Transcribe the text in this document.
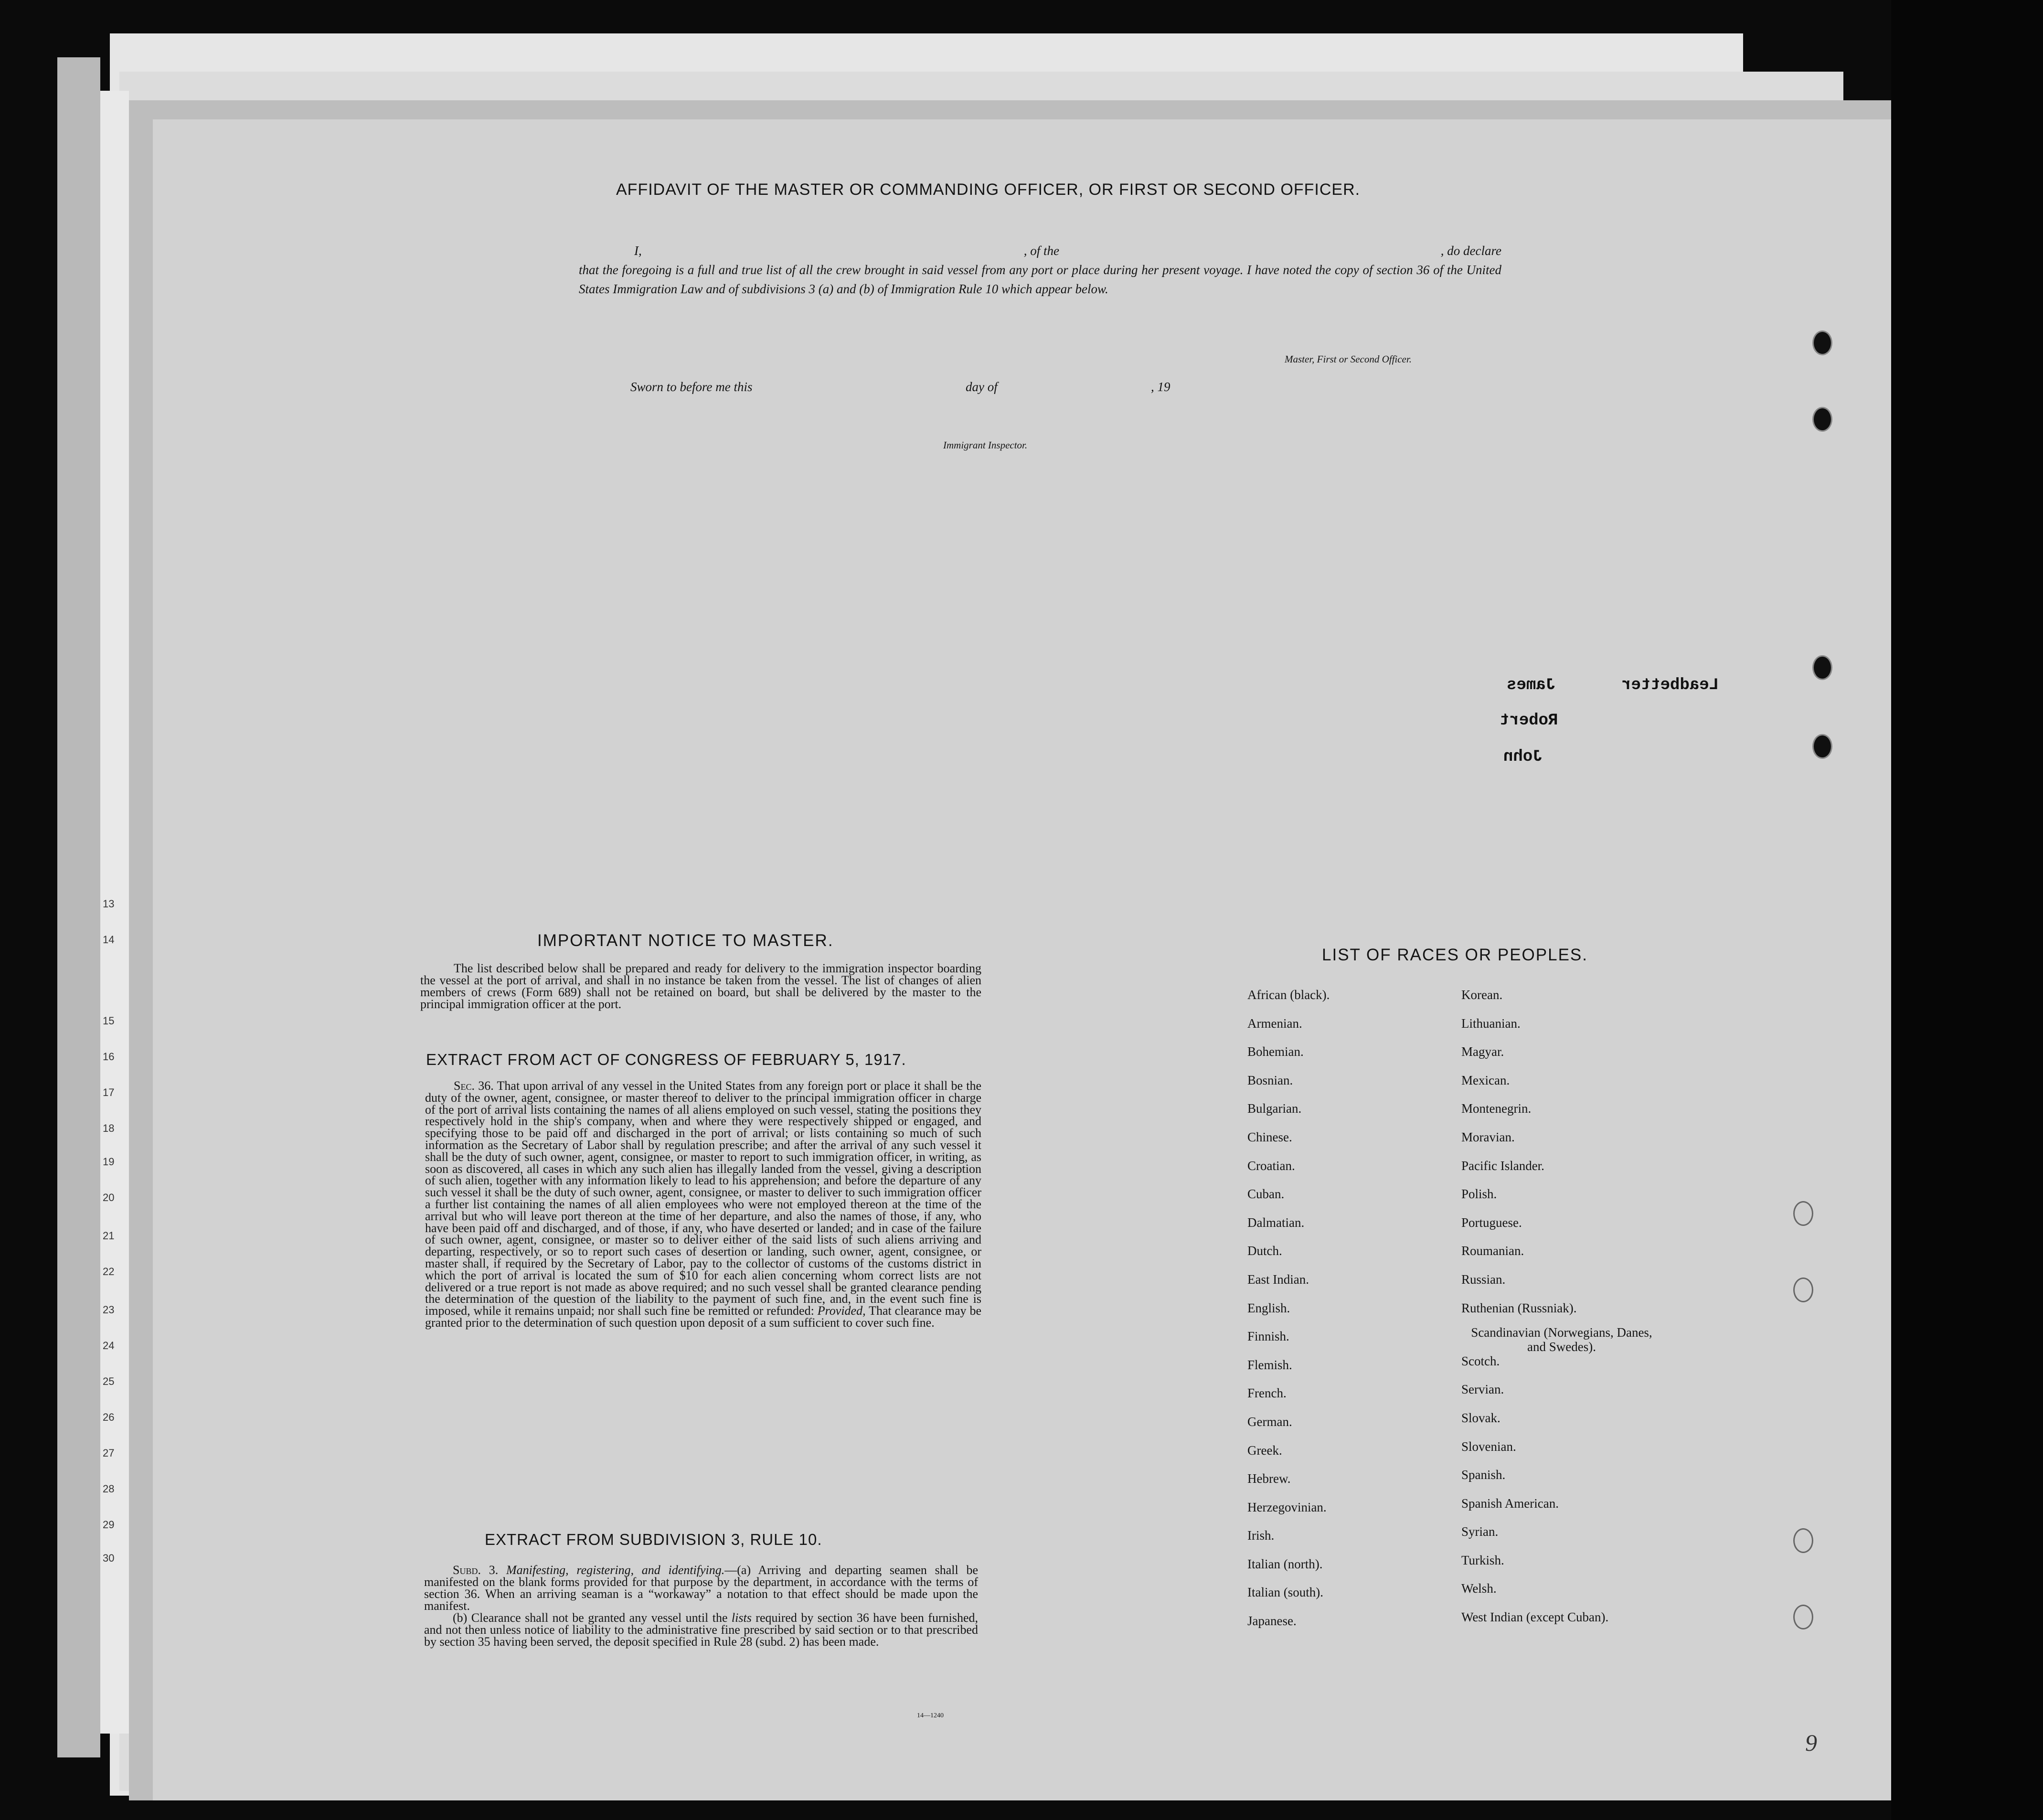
13
14
15
16
17
18
19
20
21
22
23
24
25
26
27
28
29
30
AFFIDAVIT OF THE MASTER OR COMMANDING OFFICER, OR FIRST OR SECOND OFFICER.
I,	, of the	, do declare
that the foregoing is a full and true list of all the crew brought in said vessel from any port or place during her present voyage. I have noted the copy of section 36 of the United States Immigration Law and of subdivisions 3 (a) and (b) of Immigration Rule 10 which appear below.
Master, First or Second Officer.
Sworn to before me this	day of	, 19
Immigrant Inspector.
Leadbetter
James
Robert
John
IMPORTANT NOTICE TO MASTER.
The list described below shall be prepared and ready for delivery to the immigration inspector boarding the vessel at the port of arrival, and shall in no instance be taken from the vessel. The list of changes of alien members of crews (Form 689) shall not be retained on board, but shall be delivered by the master to the principal immigration officer at the port.
EXTRACT FROM ACT OF CONGRESS OF FEBRUARY 5, 1917.
Sec. 36. That upon arrival of any vessel in the United States from any foreign port or place it shall be the duty of the owner, agent, consignee, or master thereof to deliver to the principal immigration officer in charge of the port of arrival lists containing the names of all aliens employed on such vessel, stating the positions they respectively hold in the ship's company, when and where they were respectively shipped or engaged, and specifying those to be paid off and discharged in the port of arrival; or lists containing so much of such information as the Secretary of Labor shall by regulation prescribe; and after the arrival of any such vessel it shall be the duty of such owner, agent, consignee, or master to report to such immigration officer, in writing, as soon as discovered, all cases in which any such alien has illegally landed from the vessel, giving a description of such alien, together with any information likely to lead to his apprehension; and before the departure of any such vessel it shall be the duty of such owner, agent, consignee, or master to deliver to such immigration officer a further list containing the names of all alien employees who were not employed thereon at the time of the arrival but who will leave port thereon at the time of her departure, and also the names of those, if any, who have been paid off and discharged, and of those, if any, who have deserted or landed; and in case of the failure of such owner, agent, consignee, or master so to deliver either of the said lists of such aliens arriving and departing, respectively, or so to report such cases of desertion or landing, such owner, agent, consignee, or master shall, if required by the Secretary of Labor, pay to the collector of customs of the customs district in which the port of arrival is located the sum of $10 for each alien concerning whom correct lists are not delivered or a true report is not made as above required; and no such vessel shall be granted clearance pending the determination of the question of the liability to the payment of such fine, and, in the event such fine is imposed, while it remains unpaid; nor shall such fine be remitted or refunded: Provided, That clearance may be granted prior to the determination of such question upon deposit of a sum sufficient to cover such fine.
EXTRACT FROM SUBDIVISION 3, RULE 10.

Subd. 3. Manifesting, registering, and identifying.—(a) Arriving and departing seamen shall be manifested on the blank forms provided for that purpose by the department, in accordance with the terms of section 36. When an arriving seaman is a “workaway” a notation to that effect should be made upon the manifest.

(b) Clearance shall not be granted any vessel until the lists required by section 36 have been furnished, and not then unless notice of liability to the administrative fine prescribed by said section or to that prescribed by section 35 having been served, the deposit specified in Rule 28 (subd. 2) has been made.

14—1240
LIST OF RACES OR PEOPLES.
African (black).
Armenian.
Bohemian.
Bosnian.
Bulgarian.
Chinese.
Croatian.
Cuban.
Dalmatian.
Dutch.
East Indian.
English.
Finnish.
Flemish.
French.
German.
Greek.
Hebrew.
Herzegovinian.
Irish.
Italian (north).
Italian (south).
Japanese.
Korean.
Lithuanian.
Magyar.
Mexican.
Montenegrin.
Moravian.
Pacific Islander.
Polish.
Portuguese.
Roumanian.
Russian.
Ruthenian (Russniak).
Scandinavian (Norwegians, Danes, and Swedes).
Scotch.
Servian.
Slovak.
Slovenian.
Spanish.
Spanish American.
Syrian.
Turkish.
Welsh.
West Indian (except Cuban).
9
